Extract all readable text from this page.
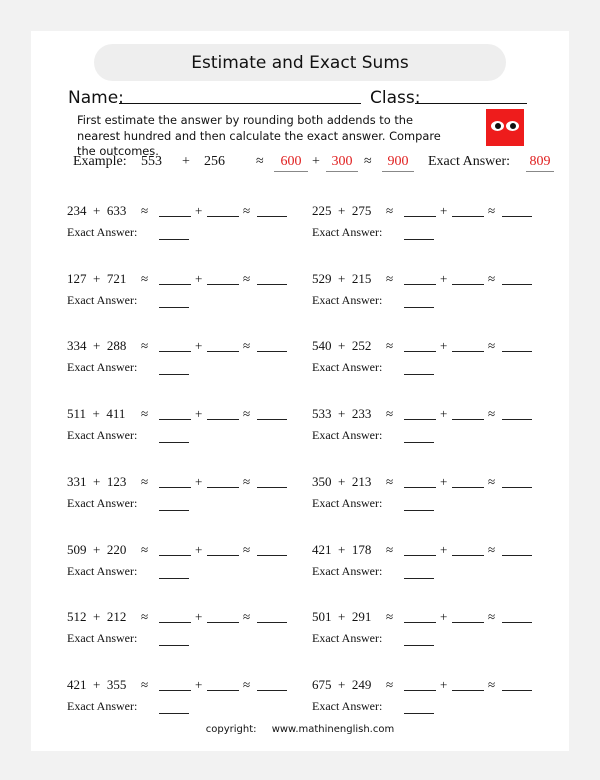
Estimate and Exact Sums
Name:	Class:
First estimate the answer by rounding both addends to the nearest hundred and then calculate the exact answer. Compare the outcomes.
Example: 553 + 256 ≈	600 + 300 ≈	900	Exact Answer: 809
234 + 633 ≈	+	≈
Exact Answer:
225 + 275 ≈	+	≈
Exact Answer:
127 + 721 ≈	+	≈
Exact Answer:
529 + 215 ≈	+	≈
Exact Answer:
334 + 288 ≈	+	≈
Exact Answer:
540 + 252 ≈	+	≈
Exact Answer:
511 + 411 ≈	+	≈
Exact Answer:
533 + 233 ≈	+	≈
Exact Answer:
331 + 123 ≈	+	≈
Exact Answer:
350 + 213 ≈	+	≈
Exact Answer:
509 + 220 ≈	+	≈
Exact Answer:
421 + 178 ≈	+	≈
Exact Answer:
512 + 212 ≈	+	≈
Exact Answer:
501 + 291 ≈	+	≈
Exact Answer:
421 + 355 ≈	+	≈
Exact Answer:
675 + 249 ≈	+	≈
Exact Answer:
copyright: www.mathinenglish.com
